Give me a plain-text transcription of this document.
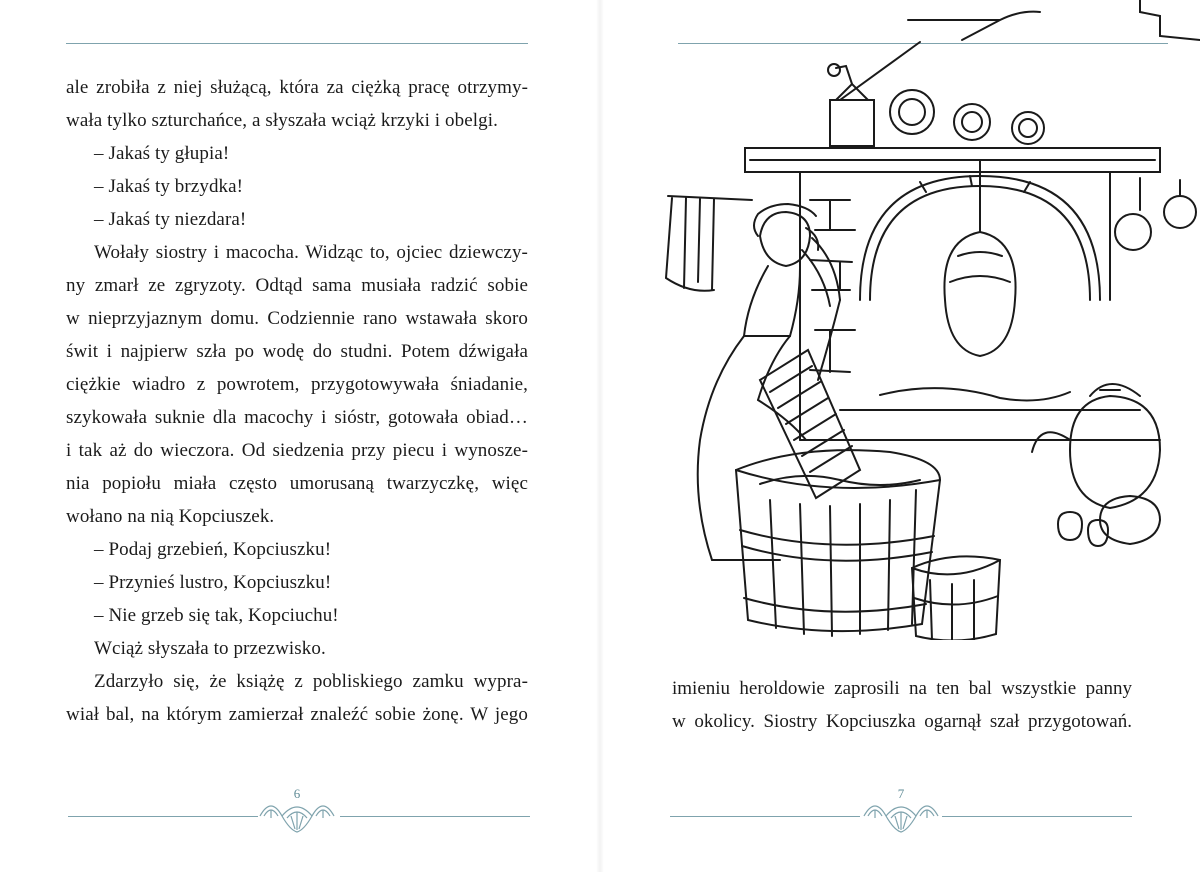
ale zrobiła z niej służącą, która za ciężką pracę otrzymy-

wała tylko szturchańce, a słyszała wciąż krzyki i obelgi.

– Jakaś ty głupia!

– Jakaś ty brzydka!

– Jakaś ty niezdara!

Wołały siostry i macocha. Widząc to, ojciec dziewczy-

ny zmarł ze zgryzoty. Odtąd sama musiała radzić sobie

w nieprzyjaznym domu. Codziennie rano wstawała skoro

świt i najpierw szła po wodę do studni. Potem dźwigała

ciężkie wiadro z powrotem, przygotowywała śniadanie,

szykowała suknie dla macochy i sióstr, gotowała obiad…

i tak aż do wieczora. Od siedzenia przy piecu i wynosze-

nia popiołu miała często umorusaną twarzyczkę, więc

wołano na nią Kopciuszek.

– Podaj grzebień, Kopciuszku!

– Przynieś lustro, Kopciuszku!

– Nie grzeb się tak, Kopciuchu!

Wciąż słyszała to przezwisko.

Zdarzyło się, że książę z pobliskiego zamku wypra-

wiał bal, na którym zamierzał znaleźć sobie żonę. W jego

6

imieniu heroldowie zaprosili na ten bal wszystkie panny

w okolicy. Siostry Kopciuszka ogarnął szał przygotowań.

7
